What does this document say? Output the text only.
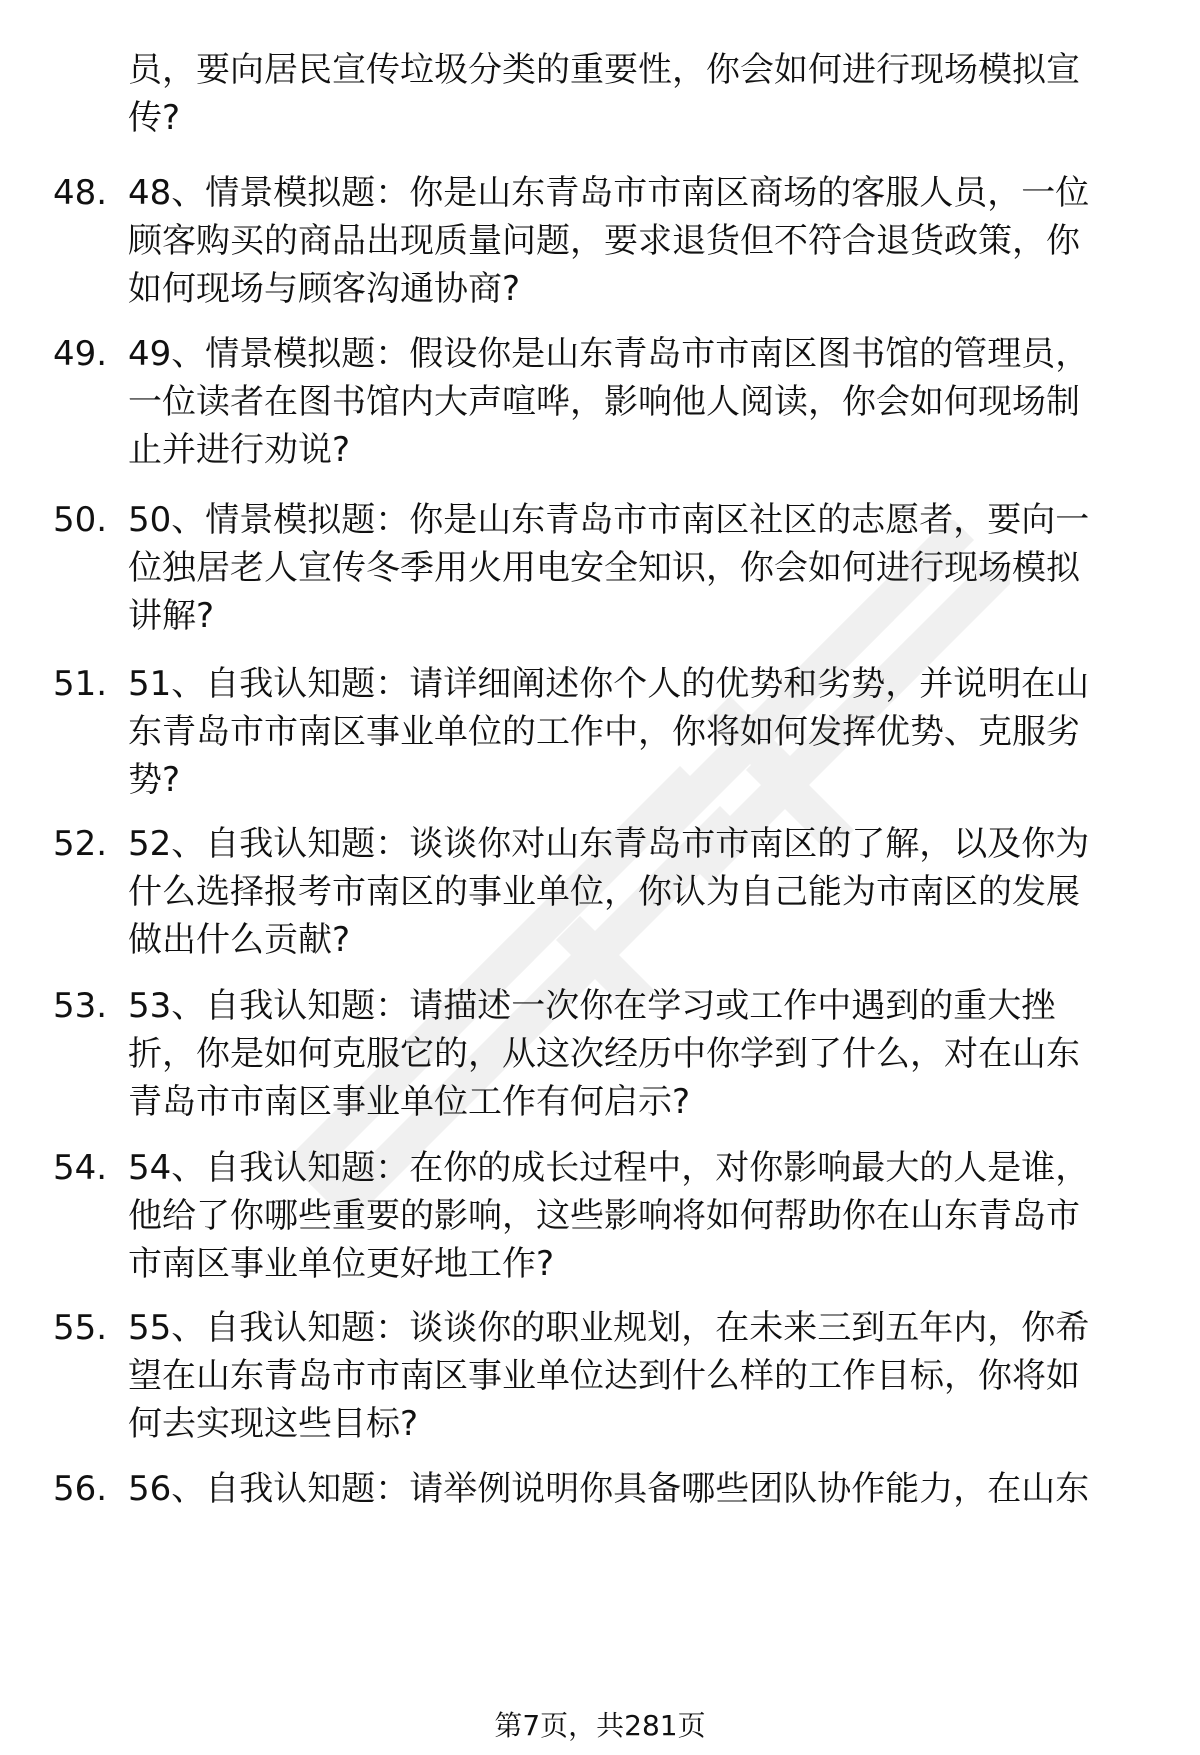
员，要向居民宣传垃圾分类的重要性，你会如何进行现场模拟宣
传?

48. 48、情景模拟题：你是山东青岛市市南区商场的客服人员，一位
顾客购买的商品出现质量问题，要求退货但不符合退货政策，你
如何现场与顾客沟通协商?

49. 49、情景模拟题：假设你是山东青岛市市南区图书馆的管理员，
一位读者在图书馆内大声喧哗，影响他人阅读，你会如何现场制
止并进行劝说?

50. 50、情景模拟题：你是山东青岛市市南区社区的志愿者，要向一
位独居老人宣传冬季用火用电安全知识，你会如何进行现场模拟
讲解?

51. 51、自我认知题：请详细阐述你个人的优势和劣势，并说明在山
东青岛市市南区事业单位的工作中，你将如何发挥优势、克服劣
势?

52. 52、自我认知题：谈谈你对山东青岛市市南区的了解，以及你为
什么选择报考市南区的事业单位，你认为自己能为市南区的发展
做出什么贡献?

53. 53、自我认知题：请描述一次你在学习或工作中遇到的重大挫
折，你是如何克服它的，从这次经历中你学到了什么，对在山东
青岛市市南区事业单位工作有何启示?

54. 54、自我认知题：在你的成长过程中，对你影响最大的人是谁，
他给了你哪些重要的影响，这些影响将如何帮助你在山东青岛市
市南区事业单位更好地工作?

55. 55、自我认知题：谈谈你的职业规划，在未来三到五年内，你希
望在山东青岛市市南区事业单位达到什么样的工作目标，你将如
何去实现这些目标?

56. 56、自我认知题：请举例说明你具备哪些团队协作能力，在山东

第7页，共281页
